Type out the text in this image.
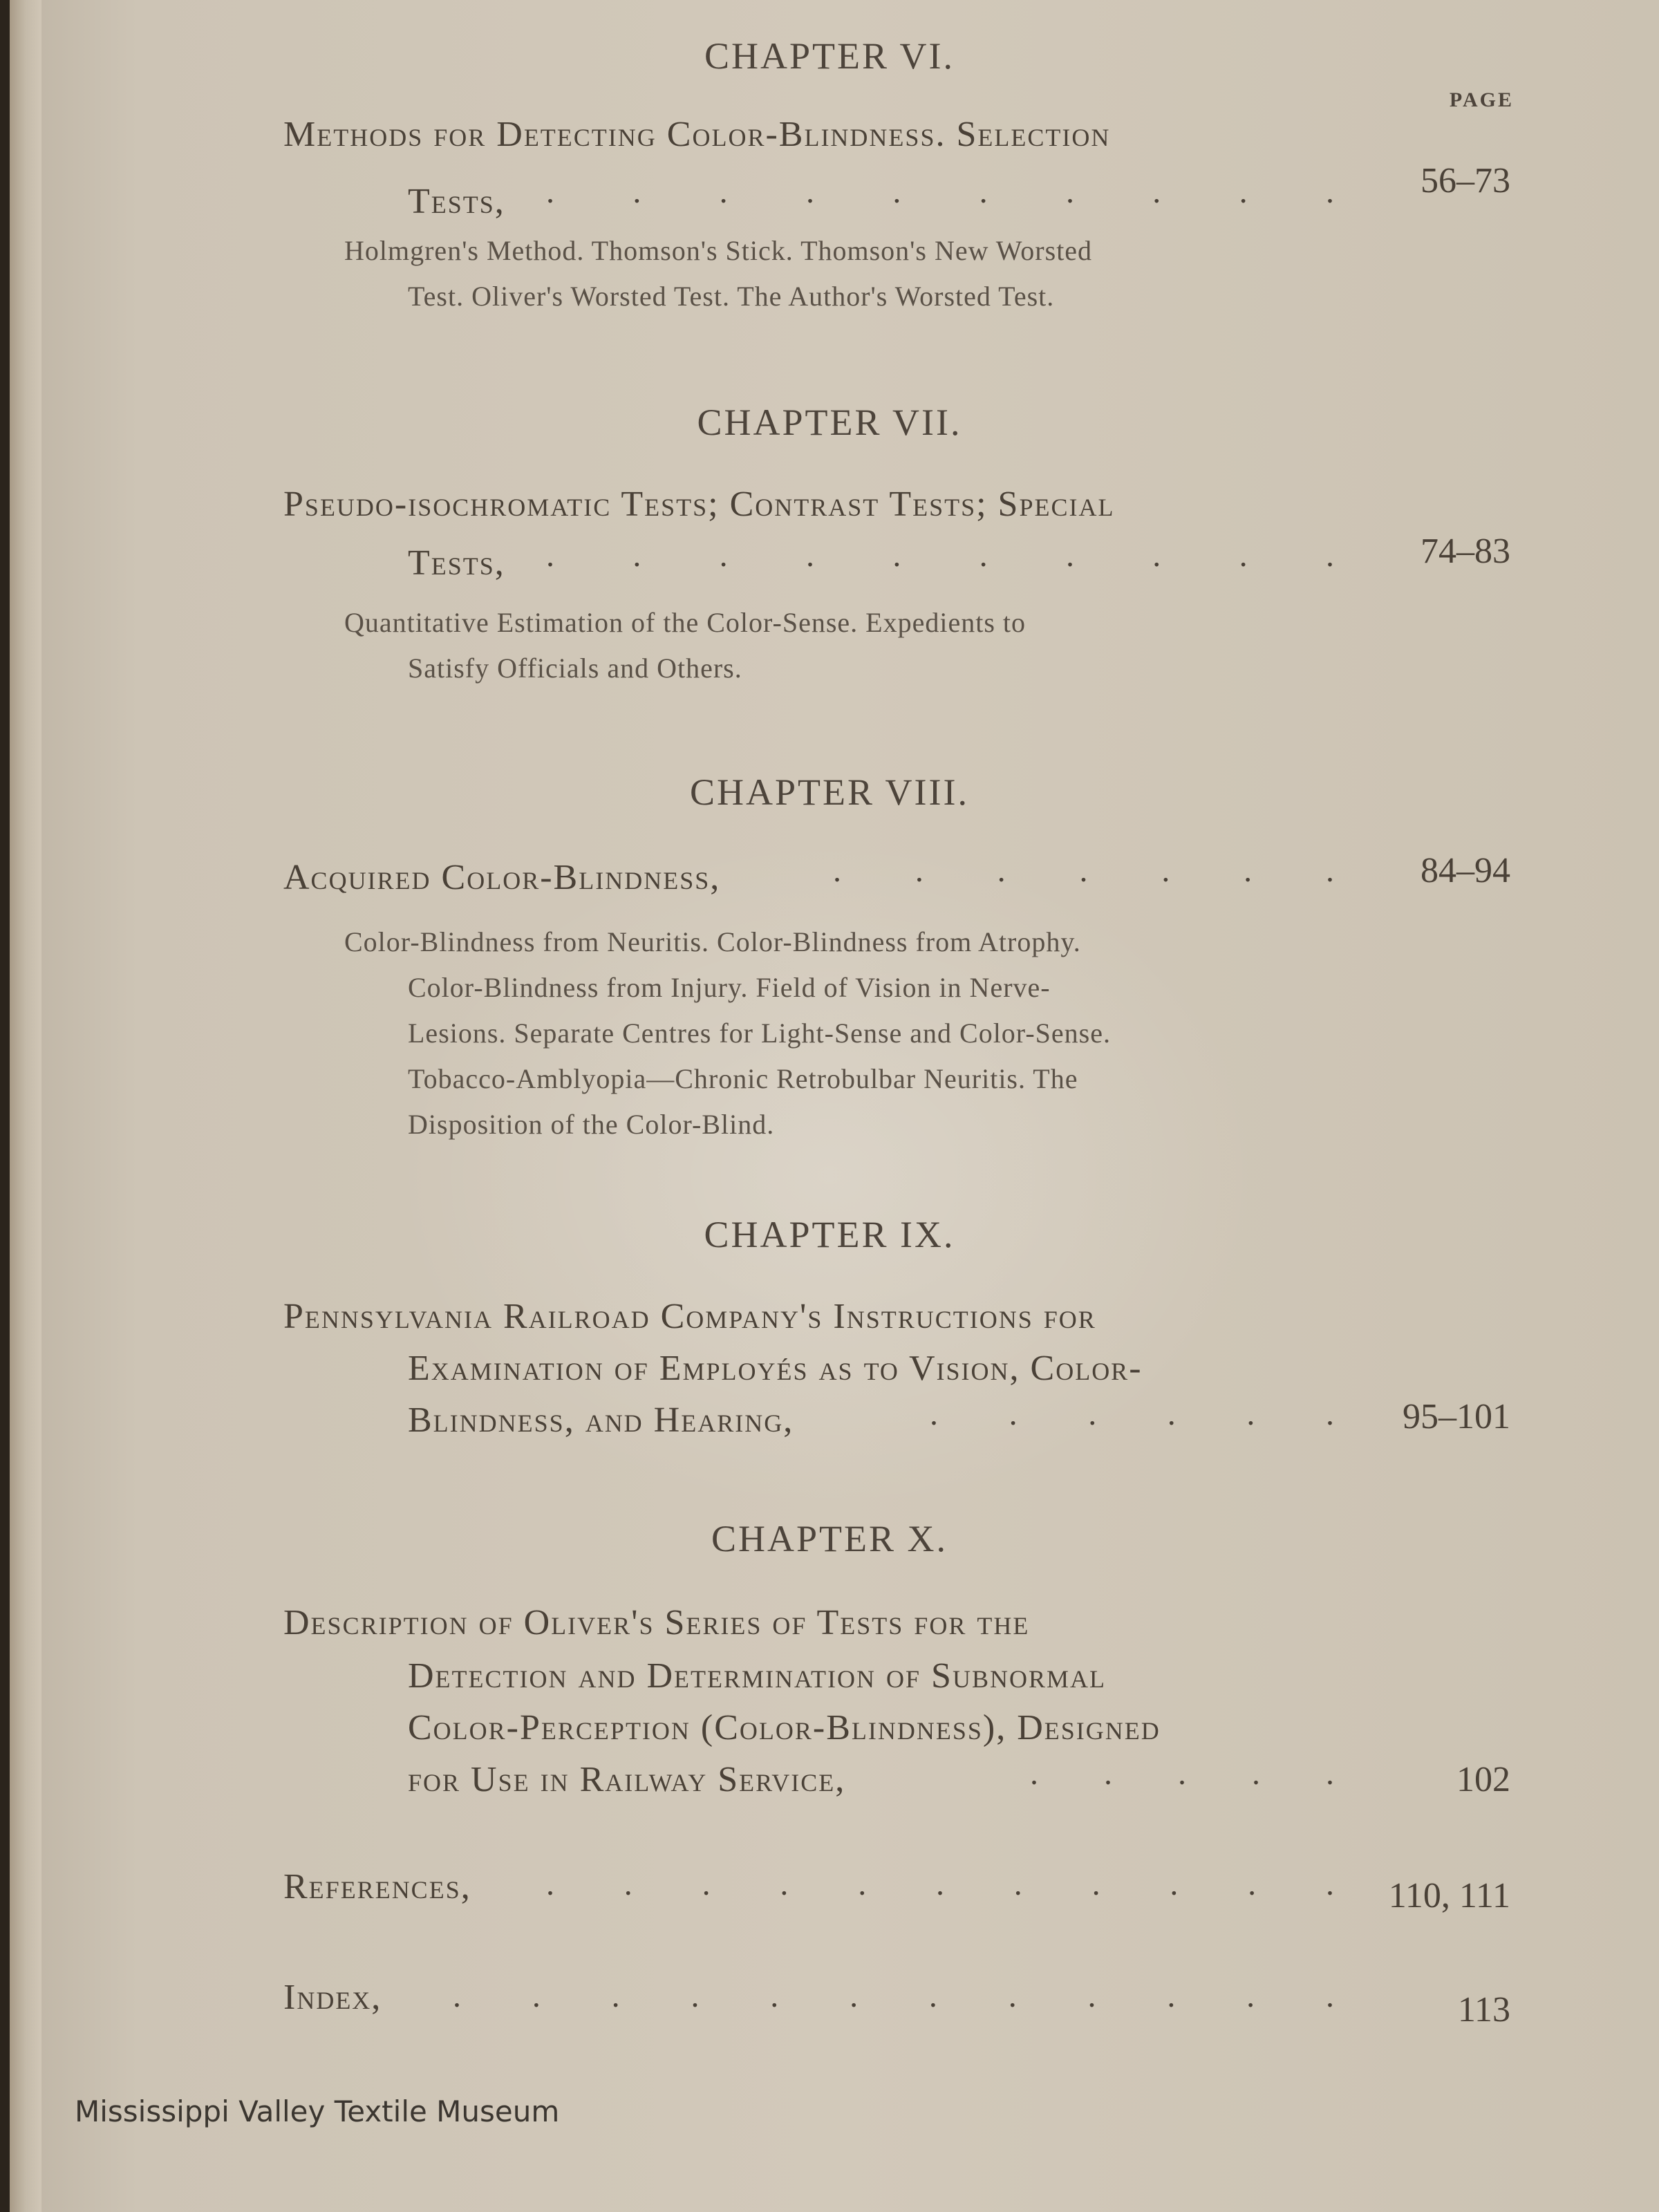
PAGE
CHAPTER VI.
Methods for Detecting Color-Blindness. Selection
Tests, . . . . . . . . . . 56–73
Holmgren's Method. Thomson's Stick. Thomson's New Worsted
Test. Oliver's Worsted Test. The Author's Worsted Test.
CHAPTER VII.
Pseudo-isochromatic Tests; Contrast Tests; Special
Tests, . . . . . . . . . . 74–83
Quantitative Estimation of the Color-Sense. Expedients to
Satisfy Officials and Others.
CHAPTER VIII.
Acquired Color-Blindness,	. . . . . . . 84–94
Color-Blindness from Neuritis. Color-Blindness from Atrophy.
Color-Blindness from Injury. Field of Vision in Nerve-
Lesions. Separate Centres for Light-Sense and Color-Sense.
Tobacco-Amblyopia—Chronic Retrobulbar Neuritis. The
Disposition of the Color-Blind.
CHAPTER IX.
Pennsylvania Railroad Company's Instructions for
Examination of Employés as to Vision, Color-
Blindness, and Hearing,	. . . . . . 95–101
CHAPTER X.
Description of Oliver's Series of Tests for the
Detection and Determination of Subnormal
Color-Perception (Color-Blindness), Designed
for Use in Railway Service,	. . . . .	102
References, . . . . . . . . . . . 110, 111
Index, . . . . . . . . . . . .	113
Mississippi Valley Textile Museum
